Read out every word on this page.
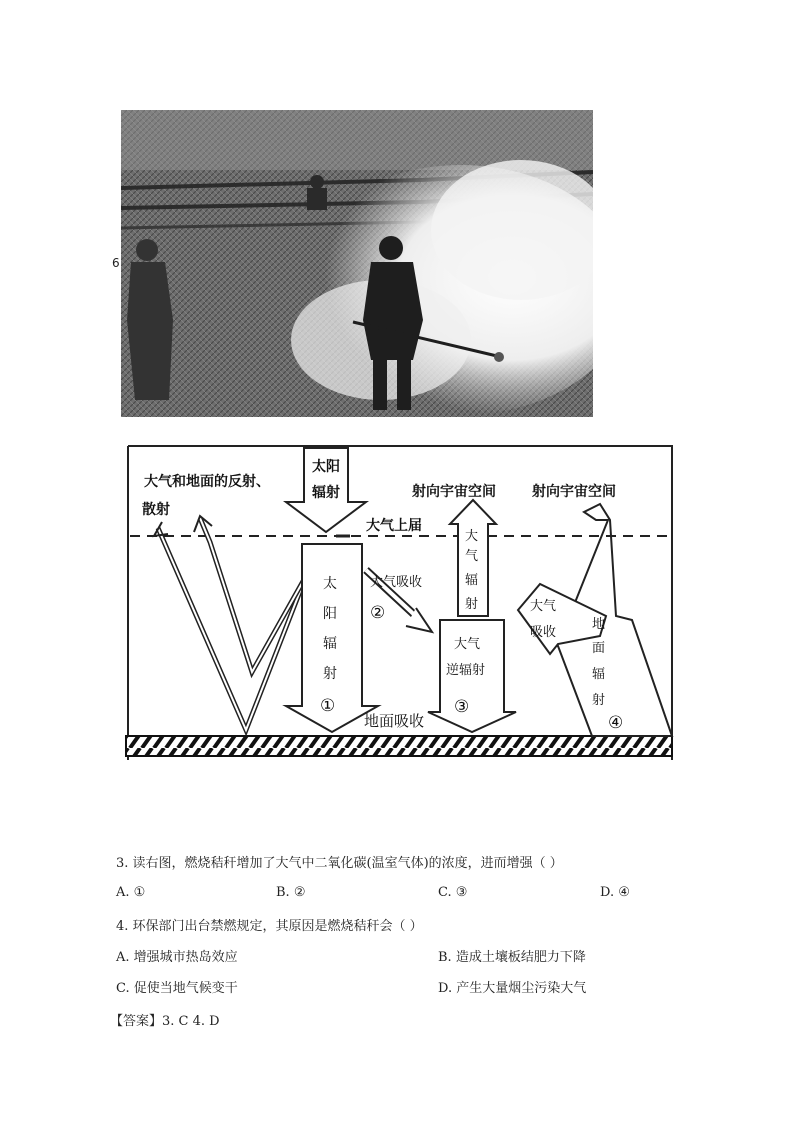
6
太阳
辐射
大气和地面的反射、
散射
太
阳
辐
射
①
大气吸收
②
大
气
辐
射
大气
逆辐射
③
地面吸收
大气上届
大气
吸收
地
面
辐
射
④
射向宇宙空间	射向宇宙空间
3. 读右图，燃烧秸秆增加了大气中二氧化碳(温室气体)的浓度，进而增强（ ）
A. ①	B. ②	C. ③	D. ④
4. 环保部门出台禁燃规定，其原因是燃烧秸秆会（ ）
A. 增强城市热岛效应	B. 造成土壤板结肥力下降
C. 促使当地气候变干	D. 产生大量烟尘污染大气
【答案】3. C 4. D
